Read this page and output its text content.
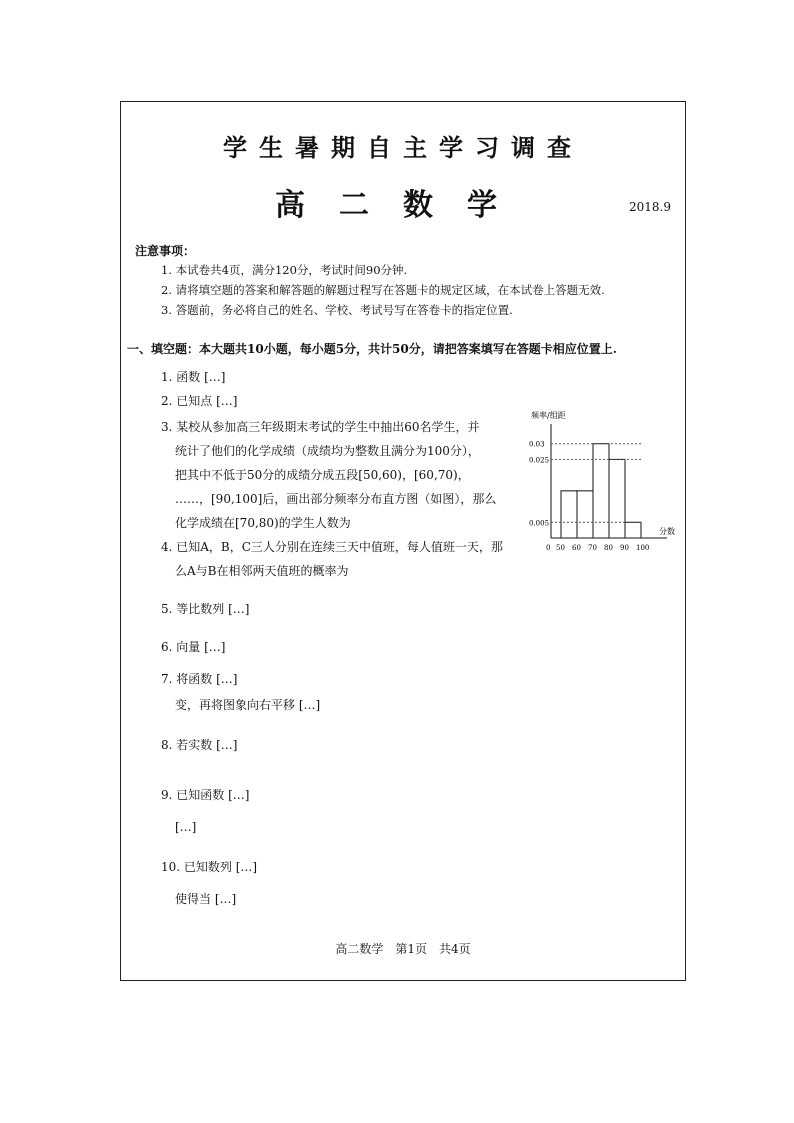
学生暑期自主学习调查
高二数学	2018.9
注意事项：
1. 本试卷共4页，满分120分，考试时间90分钟.
2. 请将填空题的答案和解答题的解题过程写在答题卡的规定区域，在本试卷上答题无效.
3. 答题前，务必将自己的姓名、学校、考试号写在答卷卡的指定位置.
一、填空题：本大题共10小题，每小题5分，共计50分，请把答案填写在答题卡相应位置上.
1. 函数 […]
2. 已知点 […]
3. 某校从参加高三年级期末考试的学生中抽出60名学生，并
统计了他们的化学成绩（成绩均为整数且满分为100分），
把其中不低于50分的成绩分成五段[50,60)，[60,70)，
……，[90,100]后，画出部分频率分布直方图（如图），那么
化学成绩在[70,80)的学生人数为
4. 已知A，B，C三人分别在连续三天中值班，每人值班一天，那
么A与B在相邻两天值班的概率为
5. 等比数列 […]
6. 向量 […]
7. 将函数 […]
变，再将图象向右平移 […]
8. 若实数 […]
9. 已知函数 […]
[…]
10. 已知数列 […]
使得当 […]
频率/组距
分数
0.03
0.025
0.005
0 50 60 70 80 90 100
高二数学　第1页　共4页
